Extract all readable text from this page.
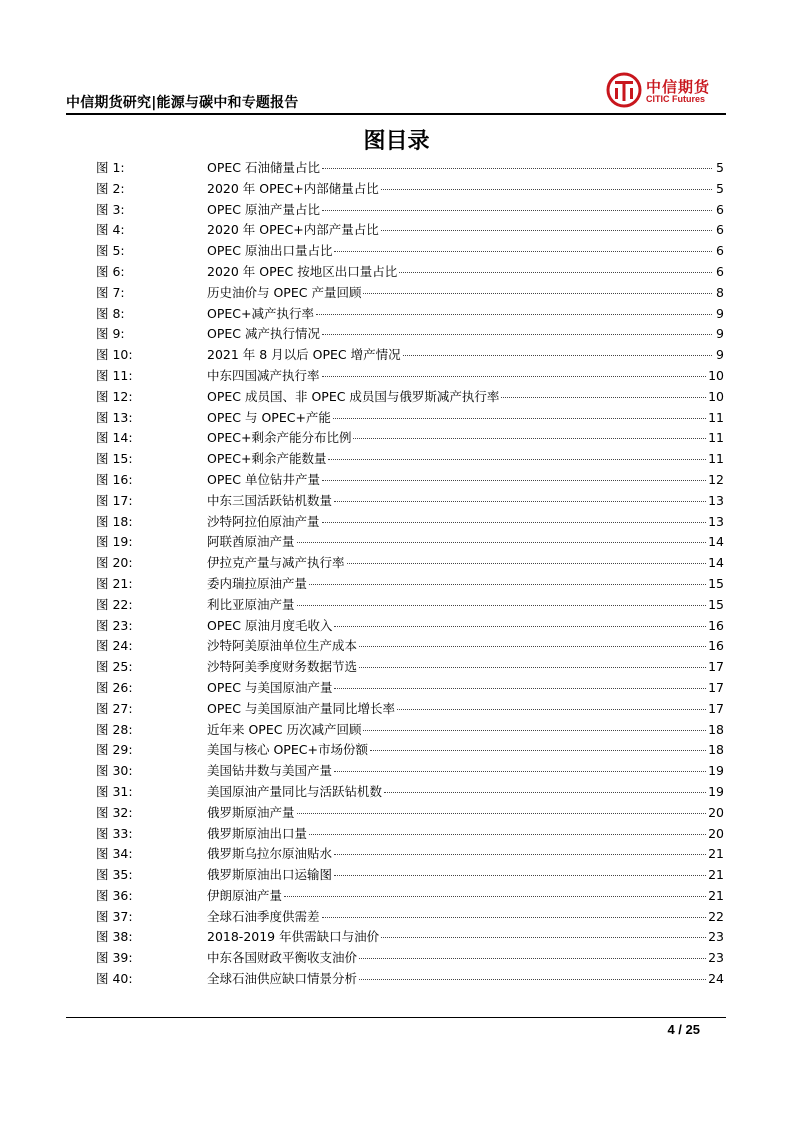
中信期货研究|能源与碳中和专题报告
中信期货
CITIC Futures
图目录
图 1:	OPEC 石油储量占比	5
图 2:	2020 年 OPEC+内部储量占比	5
图 3:	OPEC 原油产量占比	6
图 4:	2020 年 OPEC+内部产量占比	6
图 5:	OPEC 原油出口量占比	6
图 6:	2020 年 OPEC 按地区出口量占比	6
图 7:	历史油价与 OPEC 产量回顾	8
图 8:	OPEC+减产执行率	9
图 9:	OPEC 减产执行情况	9
图 10:	2021 年 8 月以后 OPEC 增产情况	9
图 11:	中东四国减产执行率	10
图 12:	OPEC 成员国、非 OPEC 成员国与俄罗斯减产执行率	10
图 13:	OPEC 与 OPEC+产能	11
图 14:	OPEC+剩余产能分布比例	11
图 15:	OPEC+剩余产能数量	11
图 16:	OPEC 单位钻井产量	12
图 17:	中东三国活跃钻机数量	13
图 18:	沙特阿拉伯原油产量	13
图 19:	阿联酋原油产量	14
图 20:	伊拉克产量与减产执行率	14
图 21:	委内瑞拉原油产量	15
图 22:	利比亚原油产量	15
图 23:	OPEC 原油月度毛收入	16
图 24:	沙特阿美原油单位生产成本	16
图 25:	沙特阿美季度财务数据节选	17
图 26:	OPEC 与美国原油产量	17
图 27:	OPEC 与美国原油产量同比增长率	17
图 28:	近年来 OPEC 历次减产回顾	18
图 29:	美国与核心 OPEC+市场份额	18
图 30:	美国钻井数与美国产量	19
图 31:	美国原油产量同比与活跃钻机数	19
图 32:	俄罗斯原油产量	20
图 33:	俄罗斯原油出口量	20
图 34:	俄罗斯乌拉尔原油贴水	21
图 35:	俄罗斯原油出口运输图	21
图 36:	伊朗原油产量	21
图 37:	全球石油季度供需差	22
图 38:	2018-2019 年供需缺口与油价	23
图 39:	中东各国财政平衡收支油价	23
图 40:	全球石油供应缺口情景分析	24
4 / 25
